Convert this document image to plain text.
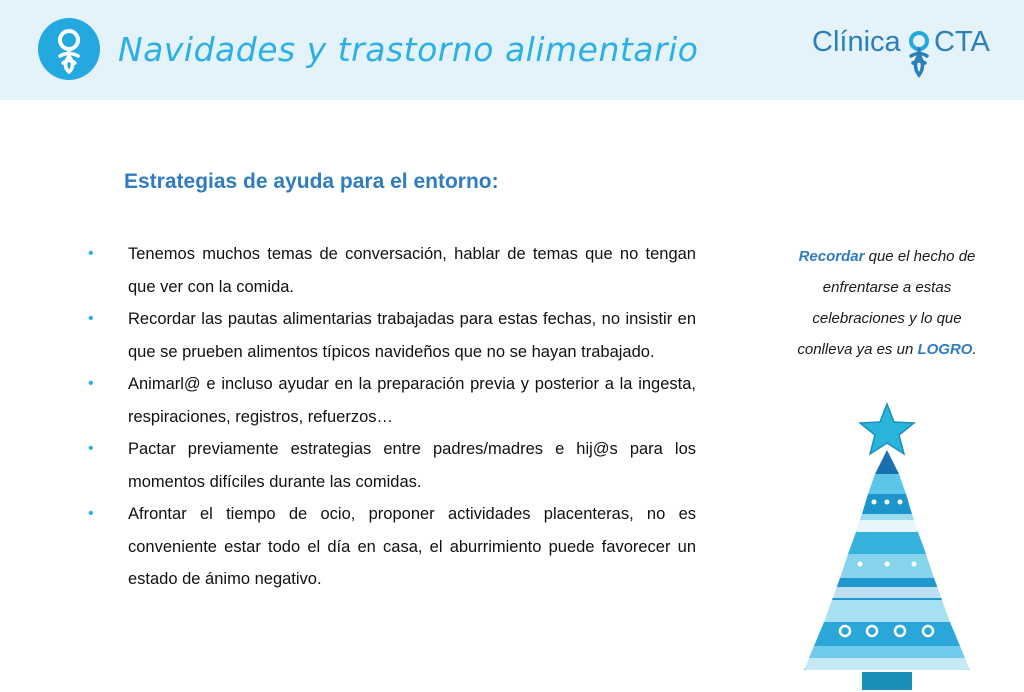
Navidades y trastorno alimentario	Clínica CTA
Estrategias de ayuda para el entorno:
• Tenemos muchos temas de conversación, hablar de temas que no tengan que ver con la comida.
• Recordar las pautas alimentarias trabajadas para estas fechas, no insistir en que se prueben alimentos típicos navideños que no se hayan trabajado.
• Animarl@ e incluso ayudar en la preparación previa y posterior a la ingesta, respiraciones, registros, refuerzos…
• Pactar previamente estrategias entre padres/madres e hij@s para los momentos difíciles durante las comidas.
• Afrontar el tiempo de ocio, proponer actividades placenteras, no es conveniente estar todo el día en casa, el aburrimiento puede favorecer un estado de ánimo negativo.
Recordar que el hecho de enfrentarse a estas celebraciones y lo que conlleva ya es un LOGRO.
